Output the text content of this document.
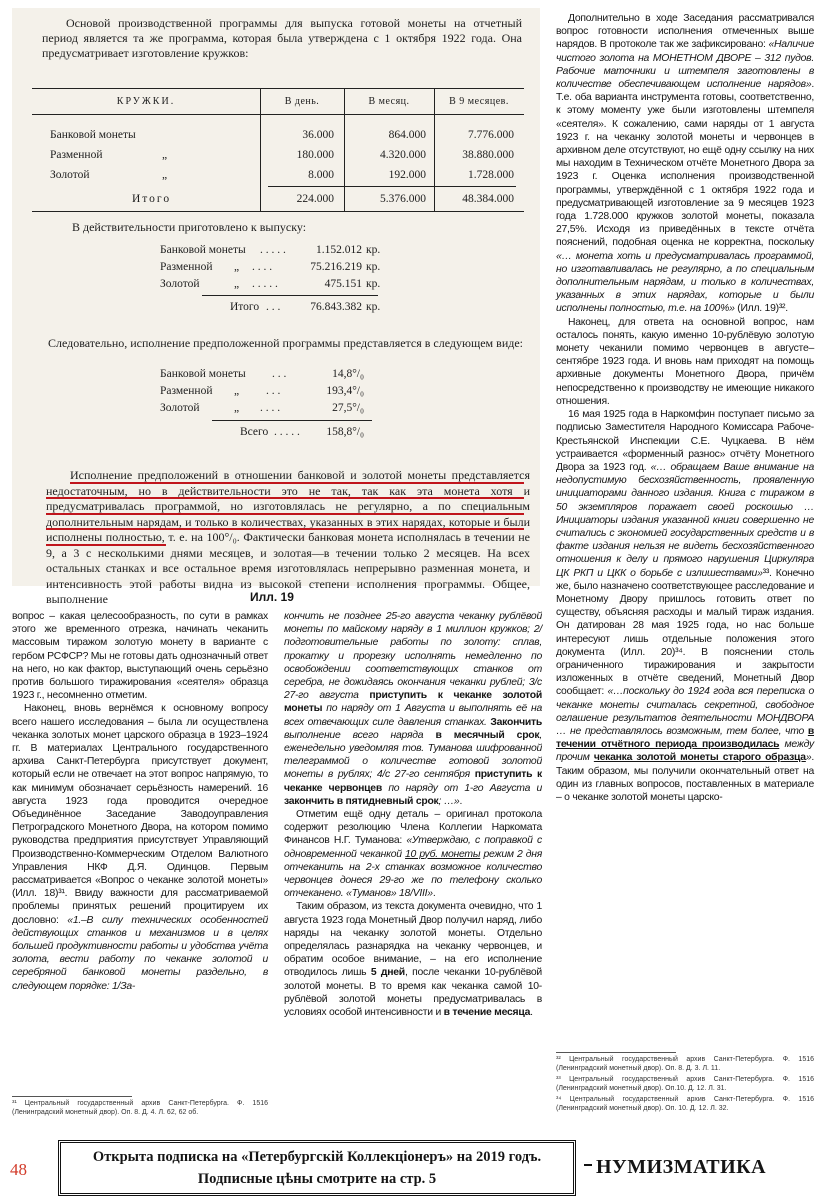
Основой производственной программы для выпуска готовой монеты на отчетный период является та же программа, которая была утверждена с 1 октября 1922 года. Она предусматривает изготовление кружков:

КРУЖКИ.	В день.	В месяц.	В 9 месяцев.
Банковой монеты	36.000	864.000	7.776.000
Разменной	„	180.000	4.320.000	38.880.000
Золотой	„	8.000	192.000	1.728.000
Итого	224.000	5.376.000	48.384.000

В действительности приготовлено к выпуску:

Банковой монеты . . . . .	1.152.012 кр.
Разменной „ . . . .	75.216.219 кр.
Золотой	„ . . . . .	475.151 кр.
Итого . . .	76.843.382 кр.

Следовательно, исполнение предположенной программы представляется в следующем виде:

Банковой монеты . . .	14,8°/₀
Разменной „ . . .	193,4°/₀
Золотой	„ . . . .	27,5°/₀
Всего . . . . .	158,8°/₀

Исполнение предположений в отношении банковой и золотой монеты представляется недостаточным, но в действительности это не так, так как эта монета хотя и предусматривалась программой, но изготовлялась не регулярно, а по специальным дополнительным нарядам, и только в количествах, указанных в этих нарядах, которые и были исполнены полностью, т. е. на 100°/₀. Фактически банковая монета исполнялась в течении не 9, а 3 с несколькими днями месяцев, и золотая—в течении только 2 месяцев. На всех остальных станках и все остальное время изготовлялась непрерывно разменная монета, и интенсивность этой работы видна из высокой степени исполнения программы. Общее, выполнение	Илл. 19

вопрос – какая целесообразность, по сути в рамках этого же временного отрезка, начинать чеканить массовым тиражом золотую монету в варианте с гербом РСФСР? Мы не готовы дать однозначный ответ на него, но как фактор, выступающий очень серьёзно против большого тиражирования «сеятеля» образца 1923 г., несомненно отметим.

Наконец, вновь вернёмся к основному вопросу всего нашего исследования – была ли осуществлена чеканка золотых монет царского образца в 1923–1924 гг. В материалах Центрального государственного архива Санкт-Петербурга присутствует документ, который если не отвечает на этот вопрос напрямую, то как минимум обозначает серьёзность намерений. 16 августа 1923 года проводится очередное Объединённое Заседание Заводоуправления Петроградского Монетного Двора, на котором помимо руководства предприятия присутствует Управляющий Производственно-Коммерческим Отделом Валютного Управления НКФ Д.Я. Одинцов. Первым рассматривается «Вопрос о чеканке золотой монеты» (Илл. 18)³¹. Ввиду важности для рассматриваемой проблемы принятых решений процитируем их дословно: «1.–В силу технических особенностей действующих станков и механизмов и в целях большей продуктивности работы и удобства учёта золота, вести работу по чеканке золотой и серебряной банковой монеты раздельно, в следующем порядке: 1/За-

кончить не позднее 25-го августа чеканку рублёвой монеты по майскому наряду в 1 миллион кружков; 2/подготовительные работы по золоту: сплав, прокатку и прорезку исполнять немедленно по освобождении соответствующих станков от серебра, не дожидаясь окончания чеканки рублей; 3/с 27-го августа приступить к чеканке золотой монеты по наряду от 1 Августа и выполнять её на всех отвечающих силе давления станках. Закончить выполнение всего наряда в месячный срок, еженедельно уведомляя тов. Туманова шифрованной телеграммой о количестве готовой золотой монеты в рублях; 4/с 27-го сентября приступить к чеканке червонцев по наряду от 1-го Августа и закончить в пятидневный срок; …».

Отметим ещё одну деталь – оригинал протокола содержит резолюцию Члена Коллегии Наркомата Финансов Н.Г. Туманова: «Утверждаю, с поправкой с одновременной чеканкой 10 руб. монеты режим 2 дня отчеканить на 2-х станках возможное количество червонцев донеся 29-го же по телефону сколько отчеканено. «Туманов» 18/VIII».

Таким образом, из текста документа очевидно, что 1 августа 1923 года Монетный Двор получил наряд, либо наряды на чеканку золотой монеты. Отдельно определялась разнарядка на чеканку червонцев, и обратим особое внимание, – на его исполнение отводилось лишь 5 дней, после чеканки 10-рублёвой золотой монеты. В то время как чеканка самой 10-рублёвой золотой монеты предусматривалась в условиях особой интенсивности и в течение месяца.

Дополнительно в ходе Заседания рассматривался вопрос готовности исполнения отмеченных выше нарядов. В протоколе так же зафиксировано: «Наличие чистого золота на МОНЕТНОМ ДВОРЕ – 312 пудов. Рабочие маточники и штемпеля заготовлены в количестве обеспечивающем исполнение нарядов». Т.е. оба варианта инструмента готовы, соответственно, к этому моменту уже были изготовлены штемпеля «сеятеля». К сожалению, сами наряды от 1 августа 1923 г. на чеканку золотой монеты и червонцев в архивном деле отсутствуют, но ещё одну ссылку на них мы находим в Техническом отчёте Монетного Двора за 1923 г. Оценка исполнения производственной программы, утверждённой с 1 октября 1922 года и предусматривающей изготовление за 9 месяцев 1923 года 1.728.000 кружков золотой монеты, показала 27,5%. Исходя из приведённых в тексте отчёта пояснений, подобная оценка не корректна, поскольку «… монета хоть и предусматривалась программой, но изготавливалась не регулярно, а по специальным дополнительным нарядам, и только в количествах, указанных в этих нарядах, которые и были исполнены полностью, т.е. на 100%» (Илл. 19)³².

Наконец, для ответа на основной вопрос, нам осталось понять, какую именно 10-рублёвую золотую монету чеканили помимо червонцев в августе–сентябре 1923 года. И вновь нам приходят на помощь архивные документы Монетного Двора, причём непосредственно к производству не имеющие никакого отношения.

16 мая 1925 года в Наркомфин поступает письмо за подписью Заместителя Народного Комиссара Рабоче-Крестьянской Инспекции С.Е. Чуцкаева. В нём устраивается «форменный разнос» отчёту Монетного Двора за 1923 год. «… обращаем Ваше внимание на недопустимую бесхозяйственность, проявленную инициаторами данного издания. Книга с тиражом в 50 экземпляров поражает своей роскошью … Инициаторы издания указанной книги совершенно не считались с экономией государственных средств и в факте издания нельзя не видеть бесхозяйственного отношения к делу и прямого нарушения Циркуляра ЦК РКП и ЦКК о борьбе с излишествами»³³. Конечно же, было назначено соответствующее расследование и Монетному Двору пришлось готовить ответ по существу, объясняя расходы и малый тираж издания. Он датирован 28 мая 1925 года, но нас больше интересуют лишь отдельные положения этого документа (Илл. 20)³⁴. В пояснении столь ограниченного тиражирования и закрытости изложенных в отчёте сведений, Монетный Двор сообщает: «…поскольку до 1924 года вся переписка о чеканке монеты считалась секретной, свободное оглашение результатов деятельности МОНДВОРА … не представлялось возможным, тем более, что в течении отчётного периода производилась между прочим чеканка золотой монеты старого образца». Таким образом, мы получили окончательный ответ на один из главных вопросов, поставленных в материале – о чеканке золотой монеты царско-

³¹ Центральный государственный архив Санкт-Петербурга. Ф. 1516 (Ленинградский монетный двор). Оп. 8. Д. 4. Л. 62, 62 об.
³² Центральный государственный архив Санкт-Петербурга. Ф. 1516 (Ленинградский монетный двор). Оп. 8. Д. 3. Л. 11.
³³ Центральный государственный архив Санкт-Петербурга. Ф. 1516 (Ленинградский монетный двор). Оп.10. Д. 12. Л. 31.
³⁴ Центральный государственный архив Санкт-Петербурга. Ф. 1516 (Ленинградский монетный двор). Оп. 10. Д. 12. Л. 32.
Открыта подписка на «Петербургскiй Коллекцiонеръ» на 2019 годъ.
Подписные цѣны смотрите на стр. 5
48	НУМИЗМАТИКА
